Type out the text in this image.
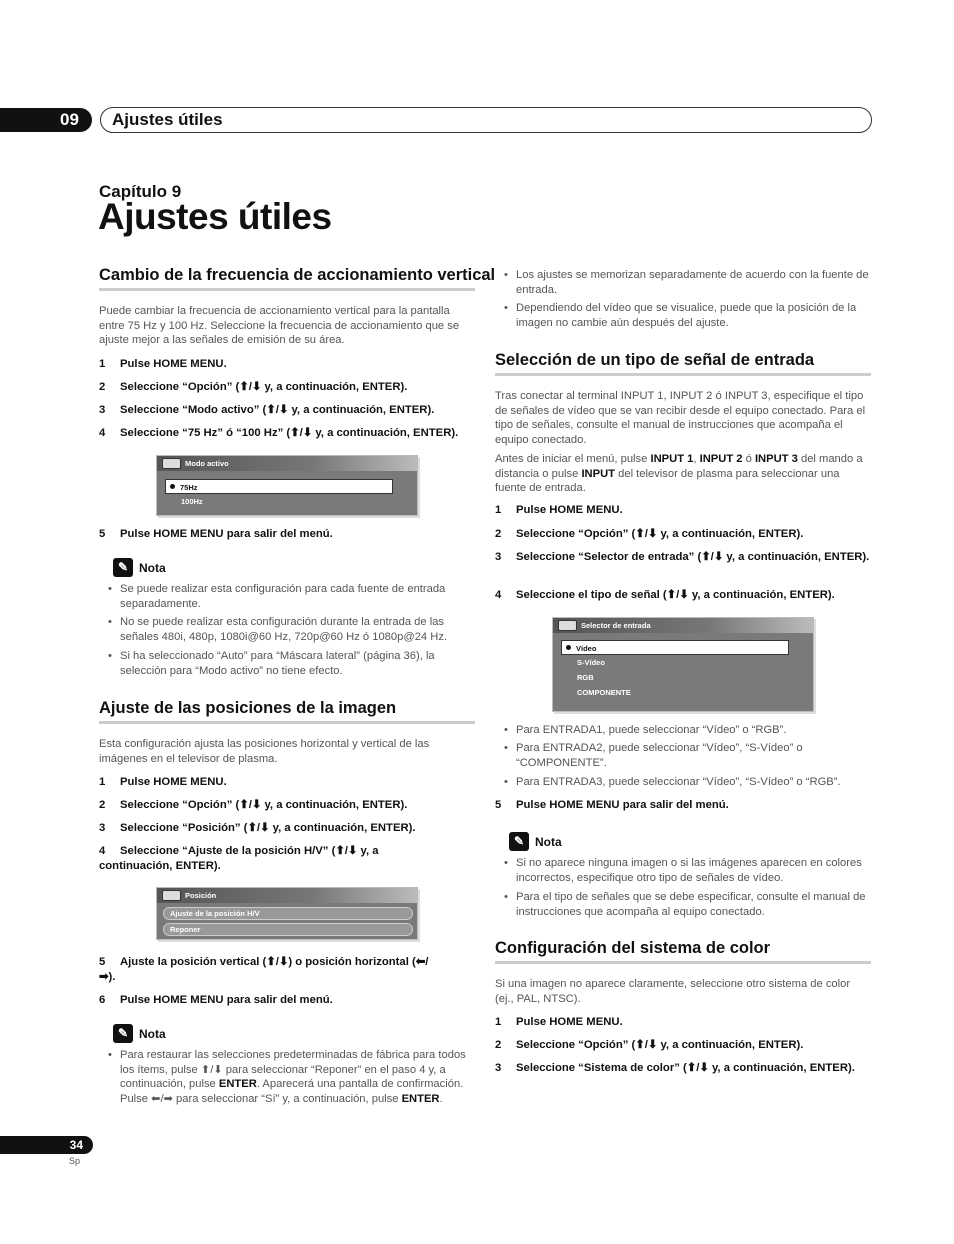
09	Ajustes útiles
Capítulo 9
Ajustes útiles
Cambio de la frecuencia de accionamiento vertical
Puede cambiar la frecuencia de accionamiento vertical para la pantalla entre 75 Hz y 100 Hz. Seleccione la frecuencia de accionamiento que se ajuste mejor a las señales de emisión de su área.
1 Pulse HOME MENU.
2 Seleccione “Opción” (⬆/⬇ y, a continuación, ENTER).
3 Seleccione “Modo activo” (⬆/⬇ y, a continuación, ENTER).
4 Seleccione “75 Hz” ó “100 Hz” (⬆/⬇ y, a continuación, ENTER).
Modo activo
75Hz
100Hz
5 Pulse HOME MENU para salir del menú.
✎ Nota
• Se puede realizar esta configuración para cada fuente de entrada separadamente.
• No se puede realizar esta configuración durante la entrada de las señales 480i, 480p, 1080i@60 Hz, 720p@60 Hz ó 1080p@24 Hz.
• Si ha seleccionado “Auto” para “Máscara lateral” (página 36), la selección para “Modo activo” no tiene efecto.
Ajuste de las posiciones de la imagen
Esta configuración ajusta las posiciones horizontal y vertical de las imágenes en el televisor de plasma.
1 Pulse HOME MENU.
2 Seleccione “Opción” (⬆/⬇ y, a continuación, ENTER).
3 Seleccione “Posición” (⬆/⬇ y, a continuación, ENTER).
4 Seleccione “Ajuste de la posición H/V” (⬆/⬇ y, a continuación, ENTER).
Posición
Ajuste de la posición H/V
Reponer
5 Ajuste la posición vertical (⬆/⬇) o posición horizontal (⬅/➡).
6 Pulse HOME MENU para salir del menú.
✎ Nota
• Para restaurar las selecciones predeterminadas de fábrica para todos los ítems, pulse ⬆/⬇ para seleccionar “Reponer” en el paso 4 y, a continuación, pulse ENTER. Aparecerá una pantalla de confirmación. Pulse ⬅/➡ para seleccionar “Sí” y, a continuación, pulse ENTER.
• Los ajustes se memorizan separadamente de acuerdo con la fuente de entrada.
• Dependiendo del vídeo que se visualice, puede que la posición de la imagen no cambie aún después del ajuste.
Selección de un tipo de señal de entrada
Tras conectar al terminal INPUT 1, INPUT 2 ó INPUT 3, especifique el tipo de señales de vídeo que se van recibir desde el equipo conectado. Para el tipo de señales, consulte el manual de instrucciones que acompaña el equipo conectado.
Antes de iniciar el menú, pulse INPUT 1, INPUT 2 ó INPUT 3 del mando a distancia o pulse INPUT del televisor de plasma para seleccionar una fuente de entrada.
1 Pulse HOME MENU.
2 Seleccione “Opción” (⬆/⬇ y, a continuación, ENTER).
3 Seleccione “Selector de entrada” (⬆/⬇ y, a continuación, ENTER).
4 Seleccione el tipo de señal (⬆/⬇ y, a continuación, ENTER).
Selector de entrada
Vídeo
S-Vídeo
RGB
COMPONENTE
• Para ENTRADA1, puede seleccionar “Vídeo” o “RGB”.
• Para ENTRADA2, puede seleccionar “Vídeo”, “S-Vídeo” o “COMPONENTE”.
• Para ENTRADA3, puede seleccionar “Vídeo”, “S-Vídeo” o “RGB”.
5 Pulse HOME MENU para salir del menú.
✎ Nota
• Si no aparece ninguna imagen o si las imágenes aparecen en colores incorrectos, especifique otro tipo de señales de vídeo.
• Para el tipo de señales que se debe especificar, consulte el manual de instrucciones que acompaña al equipo conectado.
Configuración del sistema de color
Si una imagen no aparece claramente, seleccione otro sistema de color (ej., PAL, NTSC).
1 Pulse HOME MENU.
2 Seleccione “Opción” (⬆/⬇ y, a continuación, ENTER).
3 Seleccione “Sistema de color” (⬆/⬇ y, a continuación, ENTER).
34
Sp
